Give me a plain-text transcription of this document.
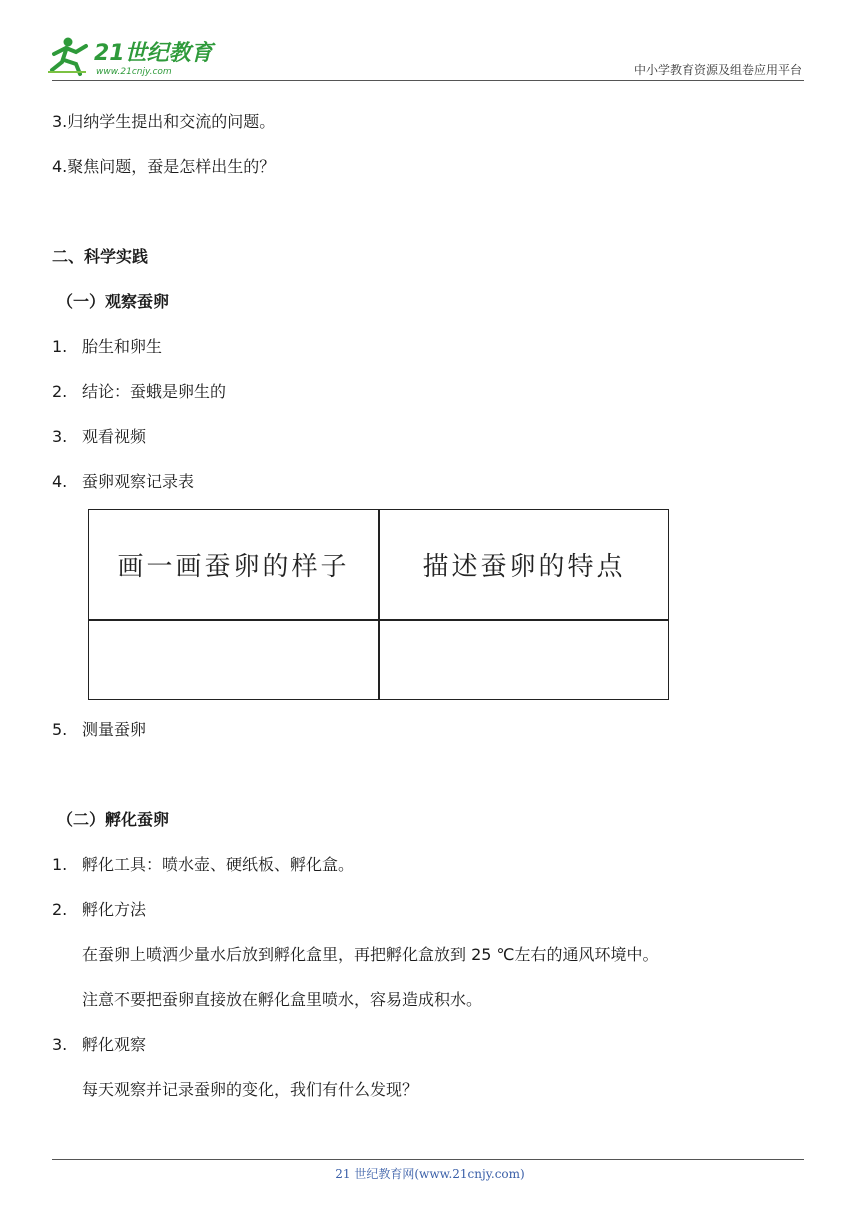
21世纪教育
www.21cnjy.com	中小学教育资源及组卷应用平台
3.归纳学生提出和交流的问题。
4.聚焦问题，蚕是怎样出生的？
二、科学实践
（一）观察蚕卵
1. 胎生和卵生
2. 结论：蚕蛾是卵生的
3. 观看视频
4. 蚕卵观察记录表
画一画蚕卵的样子	描述蚕卵的特点
5. 测量蚕卵
（二）孵化蚕卵
1. 孵化工具：喷水壶、硬纸板、孵化盒。
2. 孵化方法
在蚕卵上喷洒少量水后放到孵化盒里，再把孵化盒放到 25 ℃左右的通风环境中。
注意不要把蚕卵直接放在孵化盒里喷水，容易造成积水。
3. 孵化观察
每天观察并记录蚕卵的变化，我们有什么发现？
21 世纪教育网(www.21cnjy.com)
